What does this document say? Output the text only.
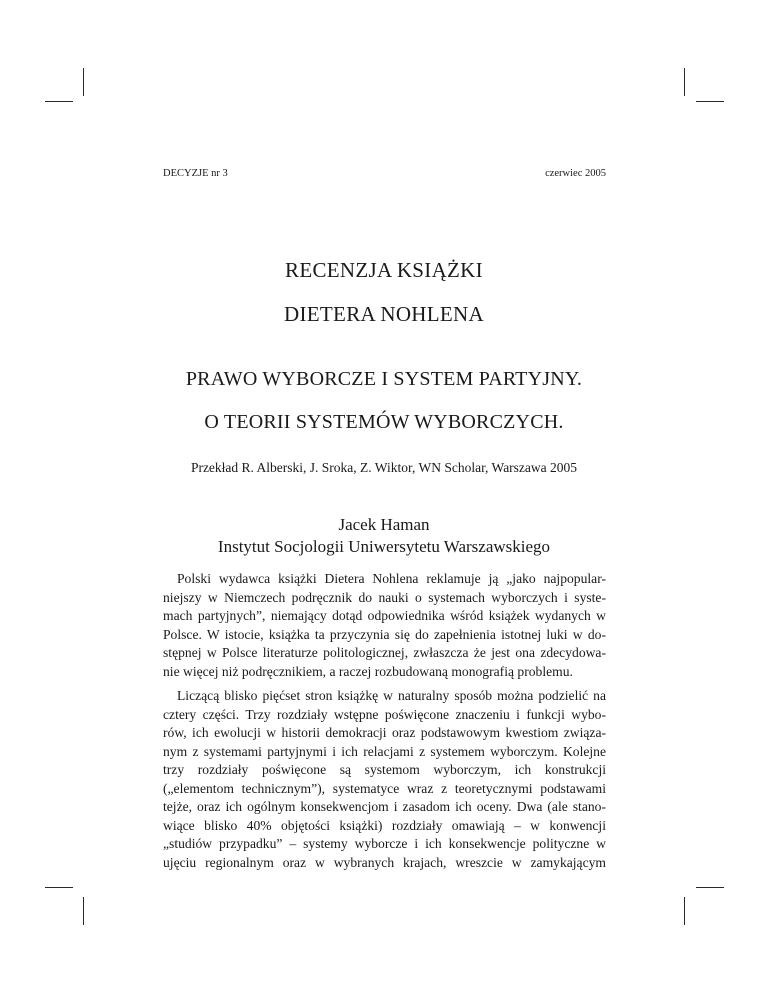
DECYZJE nr 3	czerwiec 2005
RECENZJA KSIĄŻKI
DIETERA NOHLENA
PRAWO WYBORCZE I SYSTEM PARTYJNY.
O TEORII SYSTEMÓW WYBORCZYCH.
Przekład R. Alberski, J. Sroka, Z. Wiktor, WN Scholar, Warszawa 2005
Jacek Haman
Instytut Socjologii Uniwersytetu Warszawskiego
Polski wydawca książki Dietera Nohlena reklamuje ją „jako najpopular-
niejszy w Niemczech podręcznik do nauki o systemach wyborczych i syste-
mach partyjnych”, niemający dotąd odpowiednika wśród książek wydanych w
Polsce. W istocie, książka ta przyczynia się do zapełnienia istotnej luki w do-
stępnej w Polsce literaturze politologicznej, zwłaszcza że jest ona zdecydowa-
nie więcej niż podręcznikiem, a raczej rozbudowaną monografią problemu.
Liczącą blisko pięćset stron książkę w naturalny sposób można podzielić na
cztery części. Trzy rozdziały wstępne poświęcone znaczeniu i funkcji wybo-
rów, ich ewolucji w historii demokracji oraz podstawowym kwestiom związa-
nym z systemami partyjnymi i ich relacjami z systemem wyborczym. Kolejne
trzy rozdziały poświęcone są systemom wyborczym, ich konstrukcji
(„elementom technicznym”), systematyce wraz z teoretycznymi podstawami
tejże, oraz ich ogólnym konsekwencjom i zasadom ich oceny. Dwa (ale stano-
wiące blisko 40% objętości książki) rozdziały omawiają – w konwencji
„studiów przypadku” – systemy wyborcze i ich konsekwencje polityczne w
ujęciu regionalnym oraz w wybranych krajach, wreszcie w zamykającym
